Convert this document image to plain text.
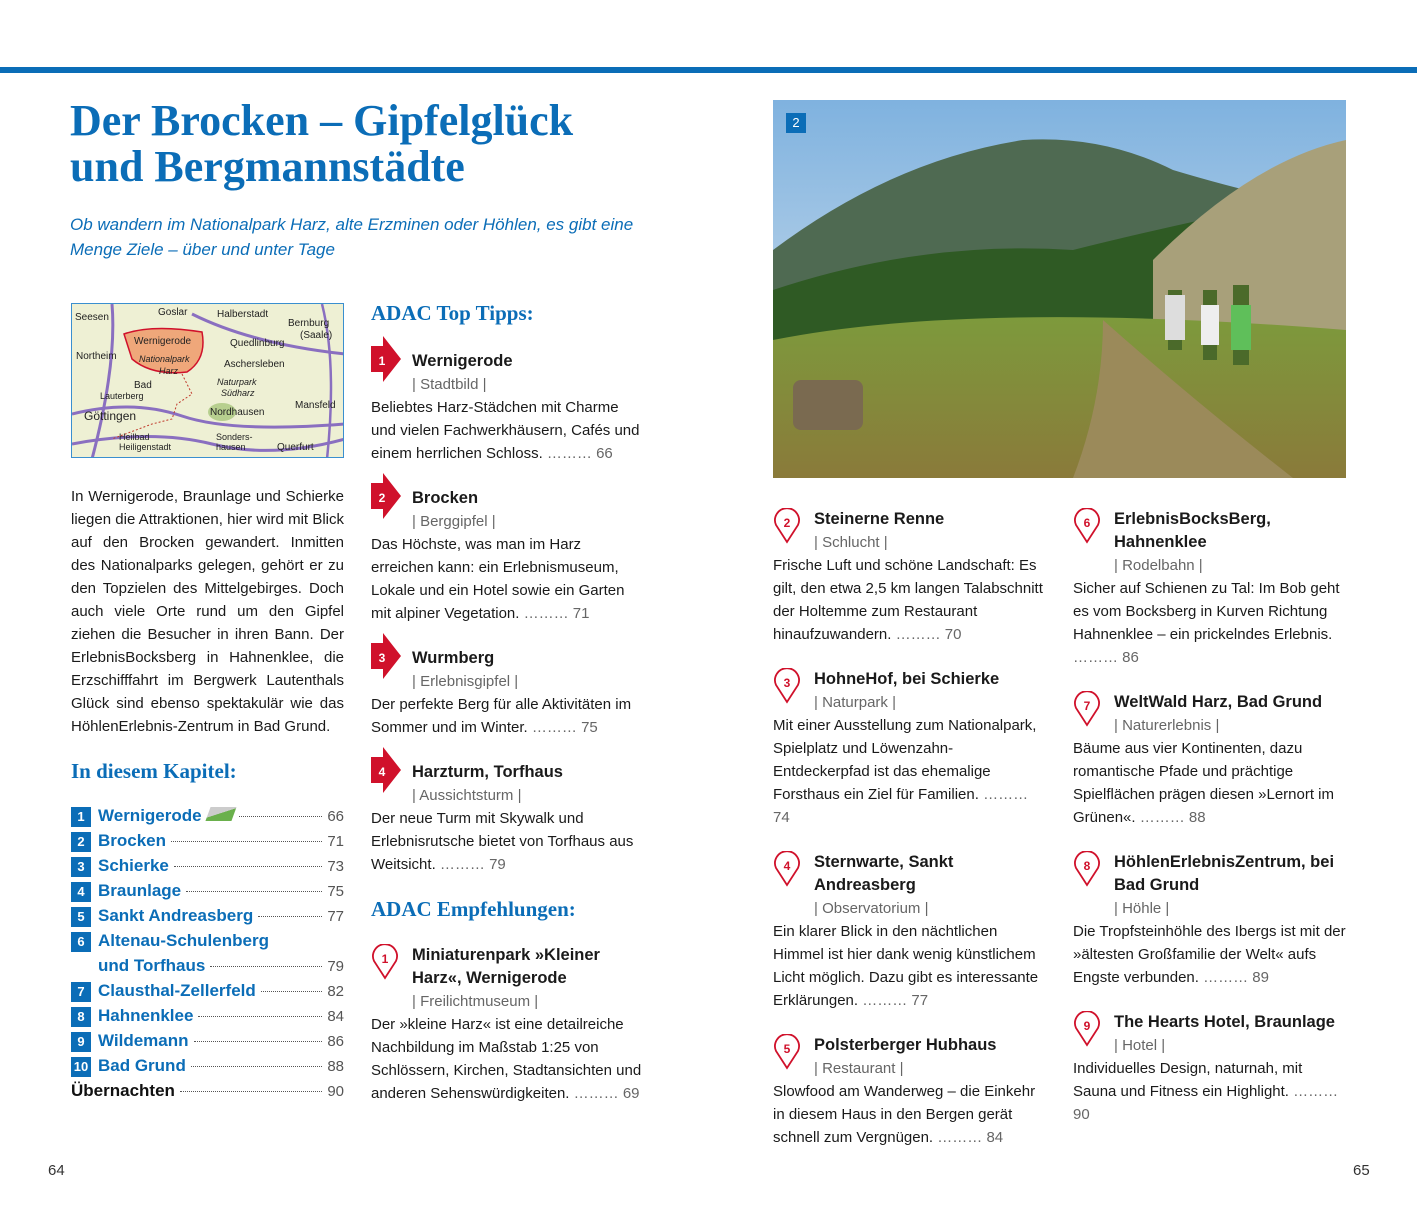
Der Brocken – Gipfelglück
und Bergmannstädte

Ob wandern im Nationalpark Harz, alte Erzminen oder Höhlen, es gibt eine Menge Ziele – über und unter Tage

Seesen	Goslar	Halberstadt
Bernburg
(Saale)
Wernigerode	Quedlinburg
Northeim Nationalpark
Harz
Aschersleben
Bad
Lauterberg
Naturpark
Südharz
Göttingen	Nordhausen
Mansfeld
Heilbad
Heiligenstadt
Sonders-
hausen	Querfurt
In Wernigerode, Braunlage und Schierke liegen die Attraktionen, hier wird mit Blick auf den Brocken gewandert. Inmitten des Nationalparks gelegen, gehört er zu den Topzielen des Mittelgebirges. Doch auch viele Orte rund um den Gipfel ziehen die Besucher in ihren Bann. Der ErlebnisBocksberg in Hahnenklee, die Erzschifffahrt im Bergwerk Lautenthals Glück sind ebenso spektakulär wie das HöhlenErlebnis-Zentrum in Bad Grund.
In diesem Kapitel:
1 Wernigerode	66
2 Brocken	71
3 Schierke	73
4 Braunlage	75
5 Sankt Andreasberg	77
6 Altenau-Schulenberg
und Torfhaus	79
7 Clausthal-Zellerfeld	82
8 Hahnenklee	84
9 Wildemann	86
10 Bad Grund	88
Übernachten	90
ADAC Top Tipps:
1	Wernigerode
| Stadtbild |
Beliebtes Harz-Städchen mit Charme und vielen Fachwerkhäusern, Cafés und einem herrlichen Schloss. ……… 66
2	Brocken
| Berggipfel |
Das Höchste, was man im Harz erreichen kann: ein Erlebnismuseum, Lokale und ein Hotel sowie ein Garten mit alpiner Vegetation. ……… 71
3	Wurmberg
| Erlebnisgipfel |
Der perfekte Berg für alle Aktivitäten im Sommer und im Winter. ……… 75
4	Harzturm, Torfhaus
| Aussichtsturm |
Der neue Turm mit Skywalk und Erlebnisrutsche bietet von Torfhaus aus Weitsicht. ……… 79
ADAC Empfehlungen:
1	Miniaturenpark »Kleiner Harz«, Wernigerode
| Freilichtmuseum |
Der »kleine Harz« ist eine detailreiche Nachbildung im Maßstab 1:25 von Schlössern, Kirchen, Stadtansichten und anderen Sehenswürdigkeiten. ……… 69
2
2	Steinerne Renne
| Schlucht |
Frische Luft und schöne Landschaft: Es gilt, den etwa 2,5 km langen Talabschnitt der Holtemme zum Restaurant hinaufzuwandern. ……… 70
3	HohneHof, bei Schierke
| Naturpark |
Mit einer Ausstellung zum Nationalpark, Spielplatz und Löwenzahn-Entdeckerpfad ist das ehemalige Forsthaus ein Ziel für Familien. ……… 74
4	Sternwarte, Sankt Andreasberg
| Observatorium |
Ein klarer Blick in den nächtlichen Himmel ist hier dank wenig künstlichem Licht möglich. Dazu gibt es interessante Erklärungen. ……… 77
5	Polsterberger Hubhaus
| Restaurant |
Slowfood am Wanderweg – die Einkehr in diesem Haus in den Bergen gerät schnell zum Vergnügen. ……… 84
6	ErlebnisBocksBerg, Hahnenklee
| Rodelbahn |
Sicher auf Schienen zu Tal: Im Bob geht es vom Bocksberg in Kurven Richtung Hahnenklee – ein prickelndes Erlebnis. ……… 86
7	WeltWald Harz, Bad Grund
| Naturerlebnis |
Bäume aus vier Kontinenten, dazu romantische Pfade und prächtige Spielflächen prägen diesen »Lernort im Grünen«. ……… 88
8	HöhlenErlebnisZentrum, bei Bad Grund
| Höhle |
Die Tropfsteinhöhle des Ibergs ist mit der »ältesten Großfamilie der Welt« aufs Engste verbunden. ……… 89
9	The Hearts Hotel, Braunlage
| Hotel |
Individuelles Design, naturnah, mit Sauna und Fitness ein Highlight. ……… 90
64	65
